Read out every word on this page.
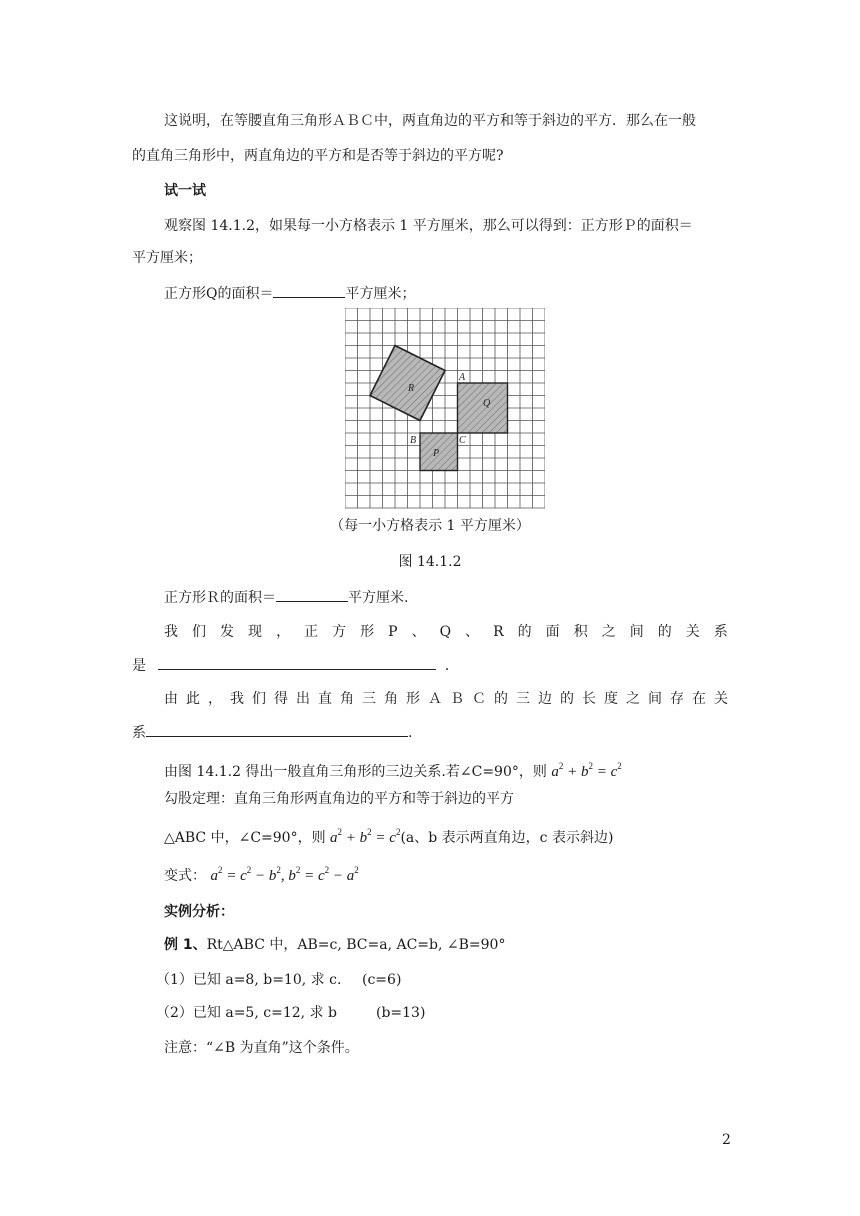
这说明，在等腰直角三角形ＡＢＣ中，两直角边的平方和等于斜边的平方．那么在一般
的直角三角形中，两直角边的平方和是否等于斜边的平方呢?
试一试
观察图 14.1.2，如果每一小方格表示 1 平方厘米，那么可以得到：正方形Ｐ的面积＝
平方厘米；
正方形Q的面积＝	平方厘米；
A
B	C
P
Q
R
（每一小方格表示 1 平方厘米）
图 14.1.2
正方形Ｒ的面积＝	平方厘米.
我 们 发 现 ， 正 方 形 P 、 Q 、 R 的 面 积 之 间 的 关 系
是	．
由 此 ， 我 们 得 出 直 角 三 角 形 Ａ Ｂ Ｃ 的 三 边 的 长 度 之 间 存 在 关
系	.
由图 14.1.2 得出一般直角三角形的三边关系.若∠C=90°，则 $a^2 + b^2 = c^2$
勾股定理：直角三角形两直角边的平方和等于斜边的平方
△ABC 中，∠C=90°，则 $a^2 + b^2 = c^2(a$、b 表示两直角边，c 表示斜边)
变式： $a^2 = c^2 - b^2$, $b^2 = c^2 - a^2$
实例分析：
例 1、Rt△ABC 中，AB=c, BC=a, AC=b, ∠B=90°
（1）已知 a=8, b=10, 求 c. (c=6)
（2）已知 a=5, c=12, 求 b	(b=13)
注意：“∠B 为直角”这个条件。
2
